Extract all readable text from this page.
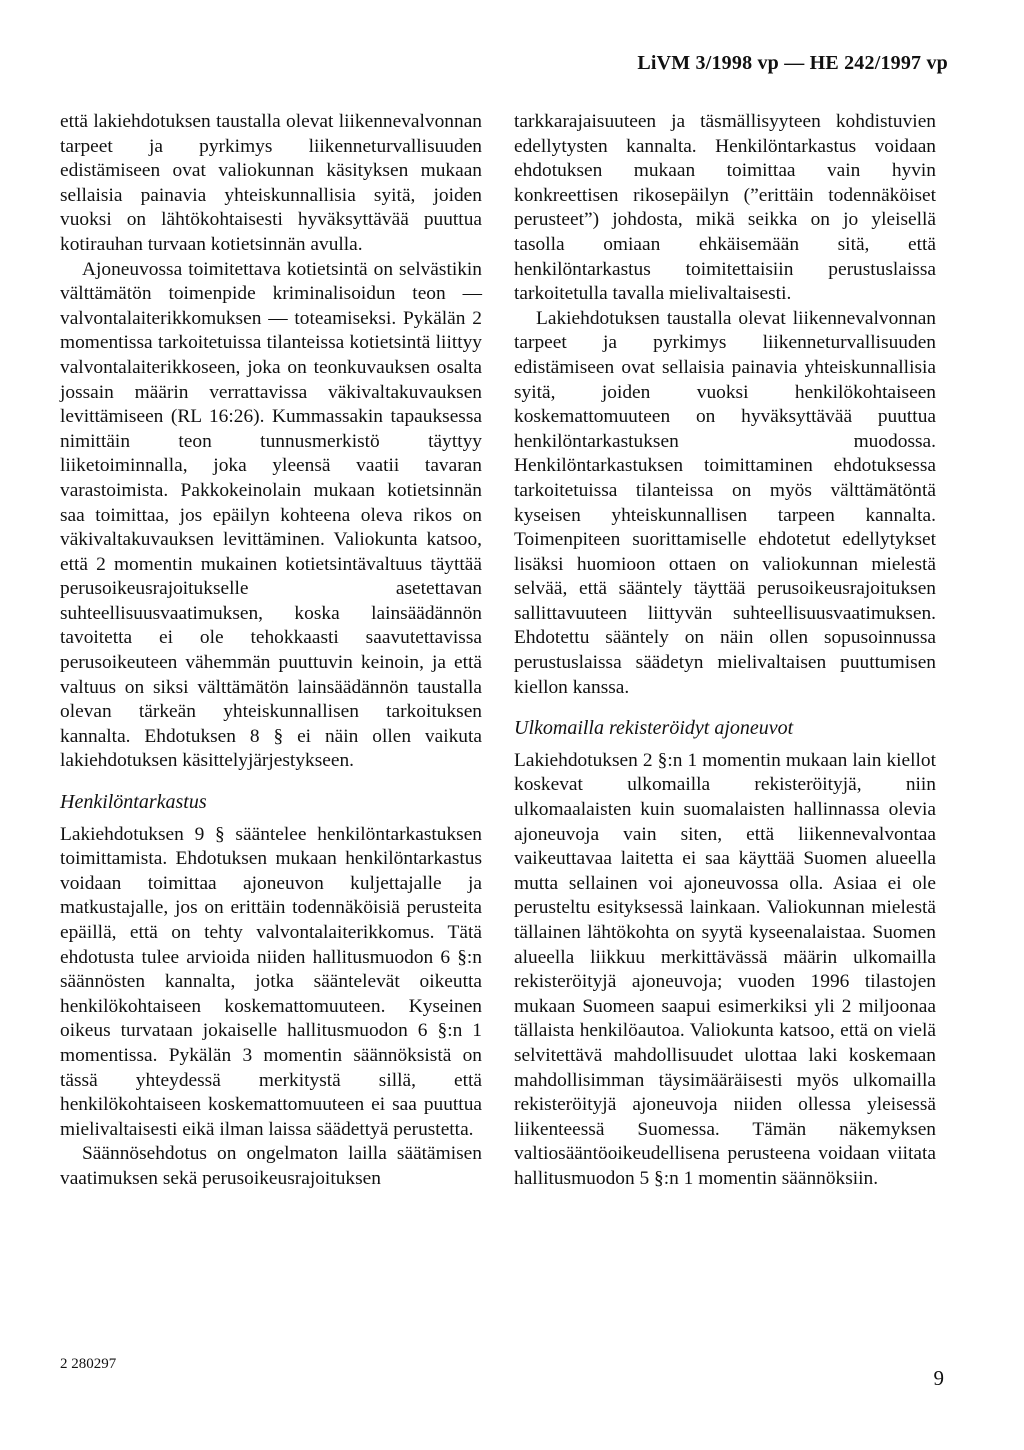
LiVM 3/1998 vp — HE 242/1997 vp

että lakiehdotuksen taustalla olevat liikennevalvonnan tarpeet ja pyrkimys liikenneturvallisuuden edistämiseen ovat valiokunnan käsityksen mukaan sellaisia painavia yhteiskunnallisia syitä, joiden vuoksi on lähtökohtaisesti hyväksyttävää puuttua kotirauhan turvaan kotietsinnän avulla.

Ajoneuvossa toimitettava kotietsintä on selvästikin välttämätön toimenpide kriminalisoidun teon — valvontalaiterikkomuksen — toteamiseksi. Pykälän 2 momentissa tarkoitetuissa tilanteissa kotietsintä liittyy valvontalaiterikkoseen, joka on teonkuvauksen osalta jossain määrin verrattavissa väkivaltakuvauksen levittämiseen (RL 16:26). Kummassakin tapauksessa nimittäin teon tunnusmerkistö täyttyy liiketoiminnalla, joka yleensä vaatii tavaran varastoimista. Pakkokeinolain mukaan kotietsinnän saa toimittaa, jos epäilyn kohteena oleva rikos on väkivaltakuvauksen levittäminen. Valiokunta katsoo, että 2 momentin mukainen kotietsintävaltuus täyttää perusoikeusrajoitukselle asetettavan suhteellisuusvaatimuksen, koska lainsäädännön tavoitetta ei ole tehokkaasti saavutettavissa perusoikeuteen vähemmän puuttuvin keinoin, ja että valtuus on siksi välttämätön lainsäädännön taustalla olevan tärkeän yhteiskunnallisen tarkoituksen kannalta. Ehdotuksen 8 § ei näin ollen vaikuta lakiehdotuksen käsittelyjärjestykseen.

Henkilöntarkastus

Lakiehdotuksen 9 § sääntelee henkilöntarkastuksen toimittamista. Ehdotuksen mukaan henkilöntarkastus voidaan toimittaa ajoneuvon kuljettajalle ja matkustajalle, jos on erittäin todennäköisiä perusteita epäillä, että on tehty valvontalaiterikkomus. Tätä ehdotusta tulee arvioida niiden hallitusmuodon 6 §:n säännösten kannalta, jotka sääntelevät oikeutta henkilökohtaiseen koskemattomuuteen. Kyseinen oikeus turvataan jokaiselle hallitusmuodon 6 §:n 1 momentissa. Pykälän 3 momentin säännöksistä on tässä yhteydessä merkitystä sillä, että henkilökohtaiseen koskemattomuuteen ei saa puuttua mielivaltaisesti eikä ilman laissa säädettyä perustetta.

Säännösehdotus on ongelmaton lailla säätämisen vaatimuksen sekä perusoikeusrajoituksen

tarkkarajaisuuteen ja täsmällisyyteen kohdistuvien edellytysten kannalta. Henkilöntarkastus voidaan ehdotuksen mukaan toimittaa vain hyvin konkreettisen rikosepäilyn (”erittäin todennäköiset perusteet”) johdosta, mikä seikka on jo yleisellä tasolla omiaan ehkäisemään sitä, että henkilöntarkastus toimitettaisiin perustuslaissa tarkoitetulla tavalla mielivaltaisesti.

Lakiehdotuksen taustalla olevat liikennevalvonnan tarpeet ja pyrkimys liikenneturvallisuuden edistämiseen ovat sellaisia painavia yhteiskunnallisia syitä, joiden vuoksi henkilökohtaiseen koskemattomuuteen on hyväksyttävää puuttua henkilöntarkastuksen muodossa. Henkilöntarkastuksen toimittaminen ehdotuksessa tarkoitetuissa tilanteissa on myös välttämätöntä kyseisen yhteiskunnallisen tarpeen kannalta. Toimenpiteen suorittamiselle ehdotetut edellytykset lisäksi huomioon ottaen on valiokunnan mielestä selvää, että sääntely täyttää perusoikeusrajoituksen sallittavuuteen liittyvän suhteellisuusvaatimuksen. Ehdotettu sääntely on näin ollen sopusoinnussa perustuslaissa säädetyn mielivaltaisen puuttumisen kiellon kanssa.

Ulkomailla rekisteröidyt ajoneuvot

Lakiehdotuksen 2 §:n 1 momentin mukaan lain kiellot koskevat ulkomailla rekisteröityjä, niin ulkomaalaisten kuin suomalaisten hallinnassa olevia ajoneuvoja vain siten, että liikennevalvontaa vaikeuttavaa laitetta ei saa käyttää Suomen alueella mutta sellainen voi ajoneuvossa olla. Asiaa ei ole perusteltu esityksessä lainkaan. Valiokunnan mielestä tällainen lähtökohta on syytä kyseenalaistaa. Suomen alueella liikkuu merkittävässä määrin ulkomailla rekisteröityjä ajoneuvoja; vuoden 1996 tilastojen mukaan Suomeen saapui esimerkiksi yli 2 miljoonaa tällaista henkilöautoa. Valiokunta katsoo, että on vielä selvitettävä mahdollisuudet ulottaa laki koskemaan mahdollisimman täysimääräisesti myös ulkomailla rekisteröityjä ajoneuvoja niiden ollessa yleisessä liikenteessä Suomessa. Tämän näkemyksen valtiosääntöoikeudellisena perusteena voidaan viitata hallitusmuodon 5 §:n 1 momentin säännöksiin.

2 280297
9
